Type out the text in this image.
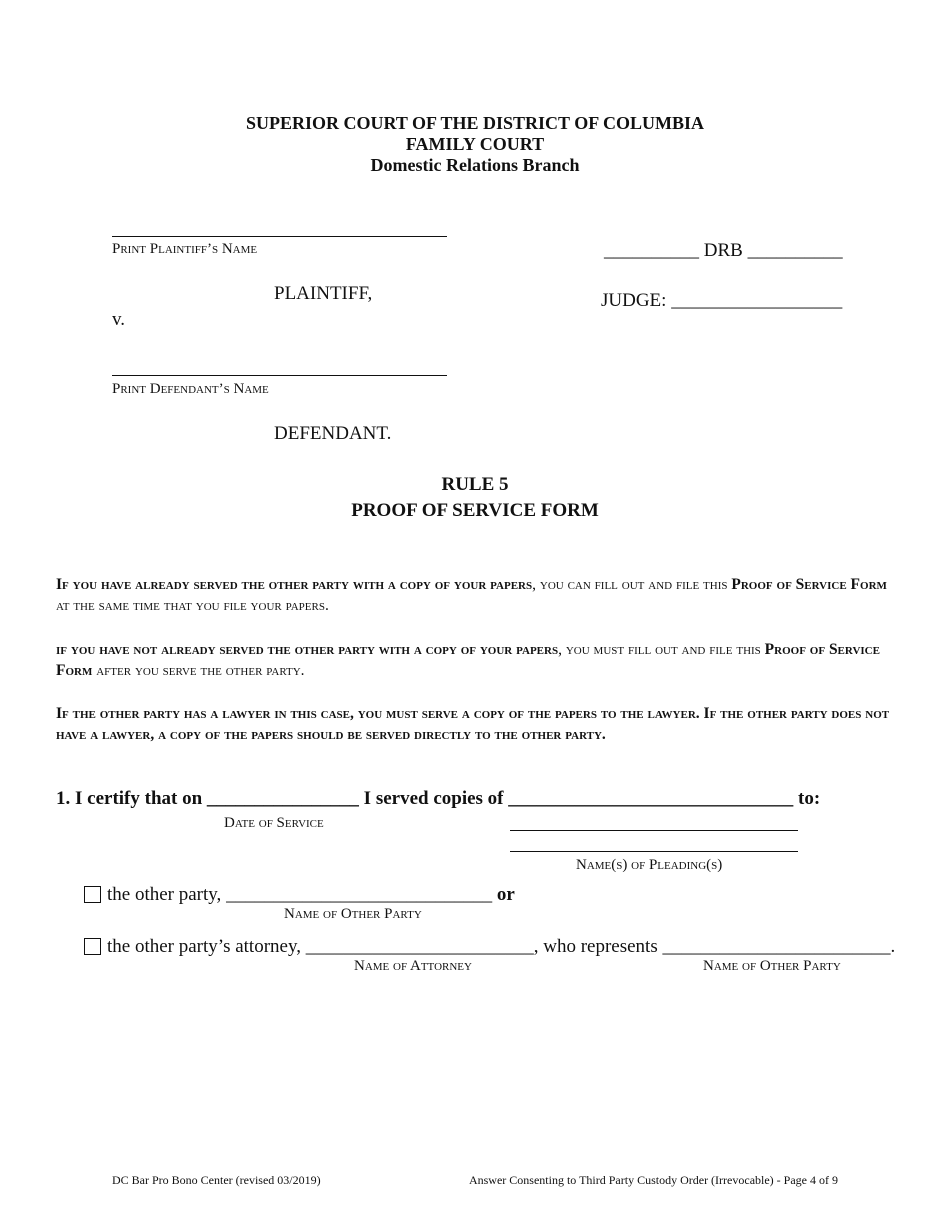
SUPERIOR COURT OF THE DISTRICT OF COLUMBIA
FAMILY COURT
Domestic Relations Branch
Print Plaintiff’s Name
PLAINTIFF,
v.
__________ DRB __________
JUDGE: __________________
Print Defendant’s Name
DEFENDANT.
RULE 5
PROOF OF SERVICE FORM
If you have already served the other party with a copy of your papers, you can fill out and file this Proof of Service Form at the same time that you file your papers.
if you have not already served the other party with a copy of your papers, you must fill out and file this Proof of Service Form after you serve the other party.
If the other party has a lawyer in this case, you must serve a copy of the papers to the lawyer. If the other party does not have a lawyer, a copy of the papers should be served directly to the other party.
1. I certify that on ________________ I served copies of ______________________________ to:
Date of Service
Name(s) of Pleading(s)
the other party, ____________________________ or
Name of Other Party
the other party’s attorney, ________________________, who represents ________________________.
Name of Attorney	Name of Other Party
DC Bar Pro Bono Center (revised 03/2019)	Answer Consenting to Third Party Custody Order (Irrevocable) - Page 4 of 9
